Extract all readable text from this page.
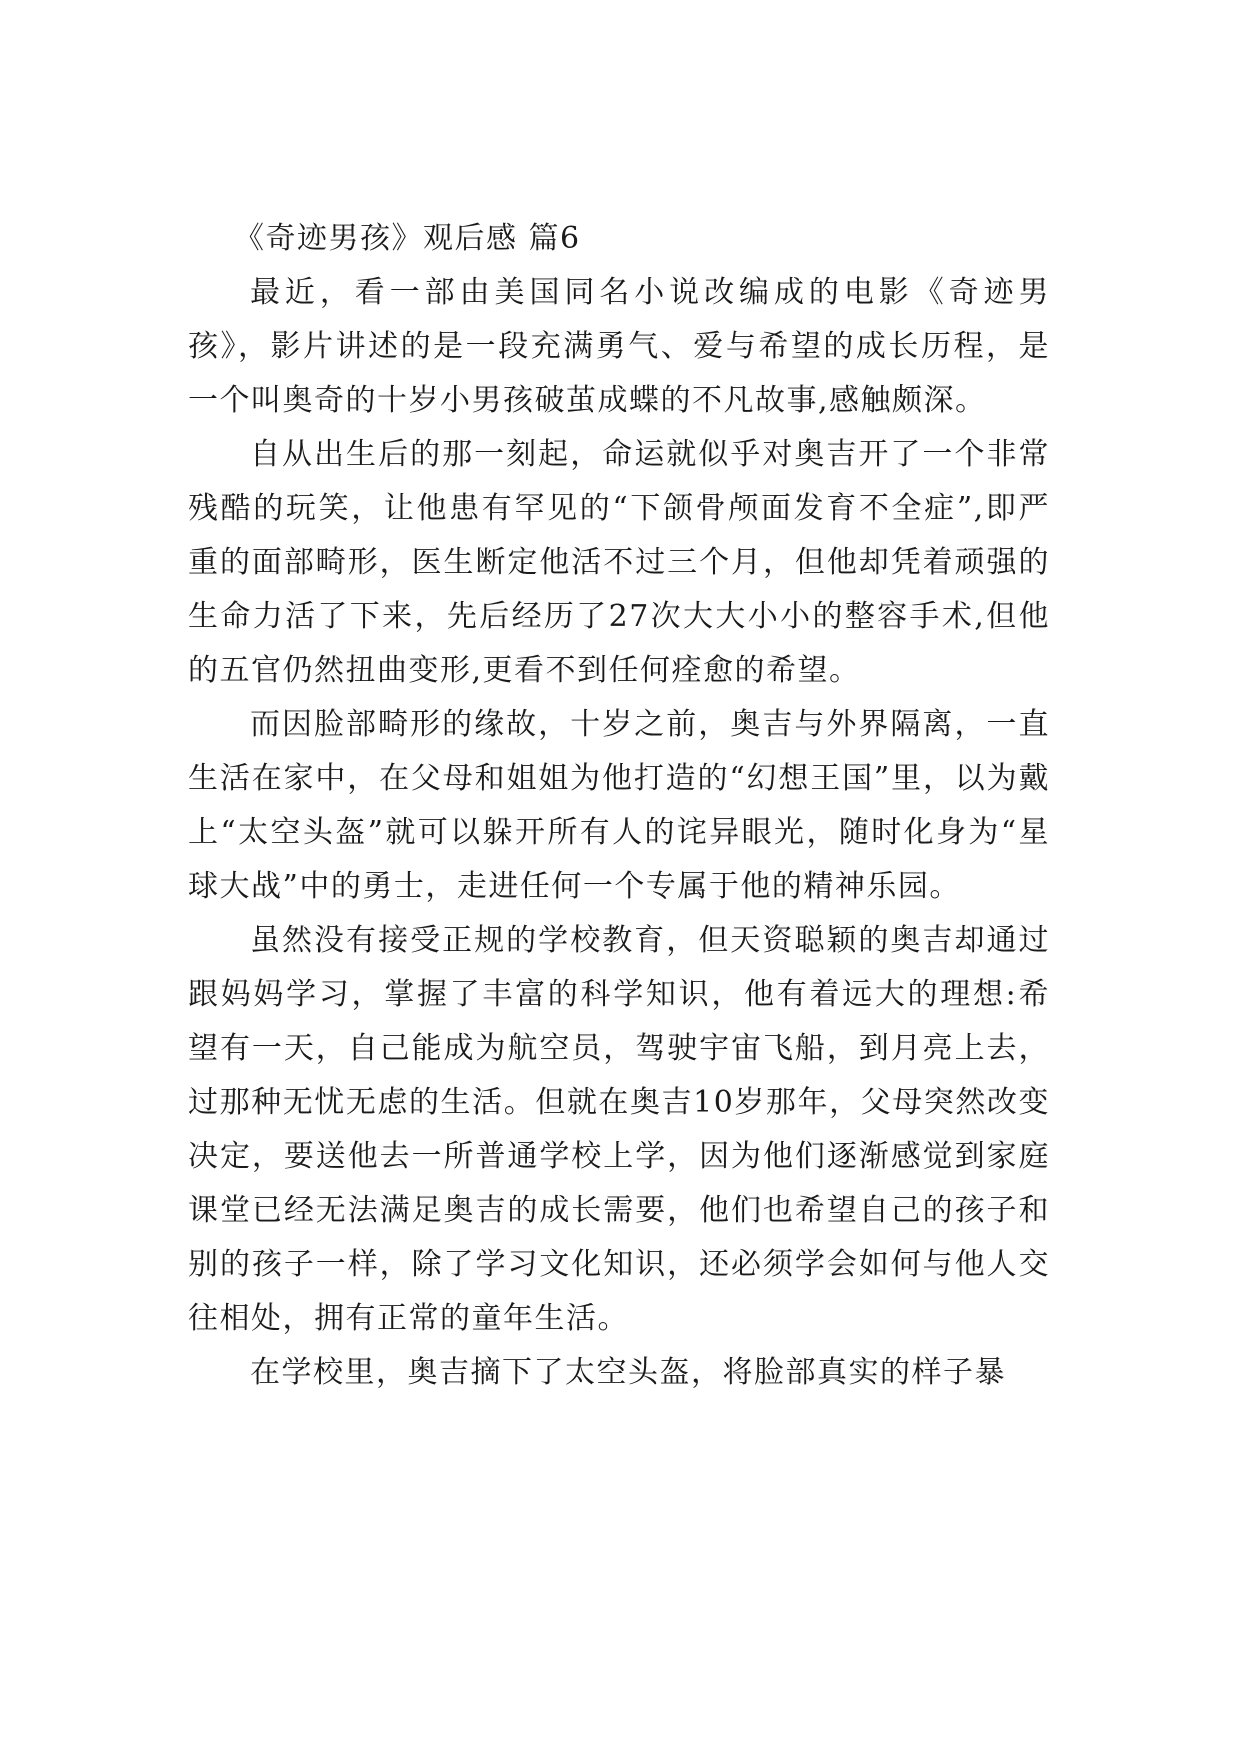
《奇迹男孩》观后感 篇6

最近，看一部由美国同名小说改编成的电影《奇迹男孩》，影片讲述的是一段充满勇气、爱与希望的成长历程，是一个叫奥奇的十岁小男孩破茧成蝶的不凡故事,感触颇深。

自从出生后的那一刻起，命运就似乎对奥吉开了一个非常残酷的玩笑，让他患有罕见的“下颌骨颅面发育不全症”,即严重的面部畸形，医生断定他活不过三个月，但他却凭着顽强的生命力活了下来，先后经历了27次大大小小的整容手术,但他的五官仍然扭曲变形,更看不到任何痊愈的希望。

而因脸部畸形的缘故，十岁之前，奥吉与外界隔离，一直生活在家中，在父母和姐姐为他打造的“幻想王国”里，以为戴上“太空头盔”就可以躲开所有人的诧异眼光，随时化身为“星球大战”中的勇士，走进任何一个专属于他的精神乐园。

虽然没有接受正规的学校教育，但天资聪颖的奥吉却通过跟妈妈学习，掌握了丰富的科学知识，他有着远大的理想:希望有一天，自己能成为航空员，驾驶宇宙飞船，到月亮上去，过那种无忧无虑的生活。但就在奥吉10岁那年，父母突然改变决定，要送他去一所普通学校上学，因为他们逐渐感觉到家庭课堂已经无法满足奥吉的成长需要，他们也希望自己的孩子和别的孩子一样，除了学习文化知识，还必须学会如何与他人交往相处，拥有正常的童年生活。

在学校里，奥吉摘下了太空头盔，将脸部真实的样子暴
